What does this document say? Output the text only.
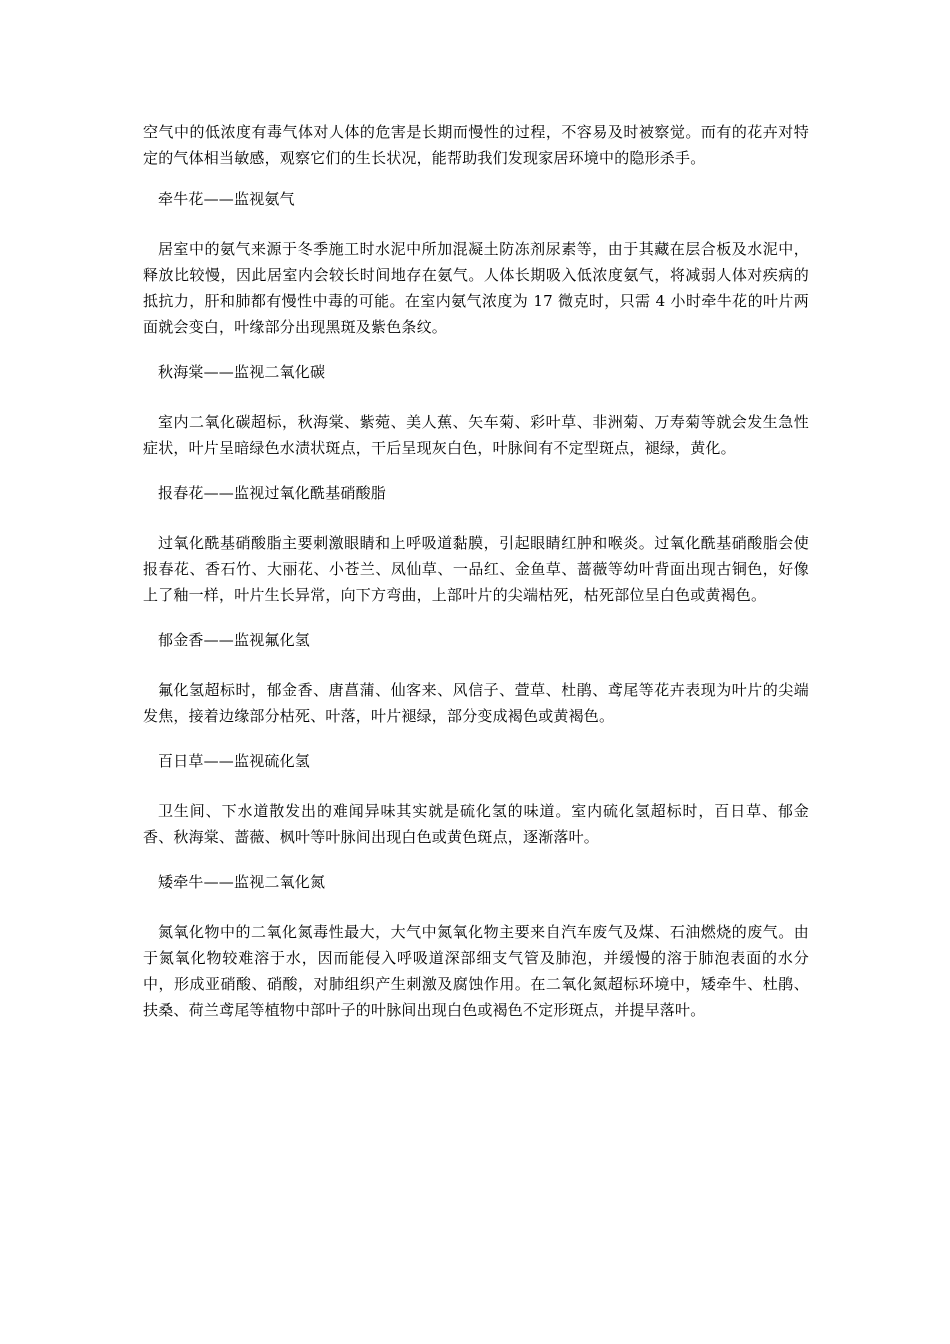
空气中的低浓度有毒气体对人体的危害是长期而慢性的过程，不容易及时被察觉。而有的花卉对特定的气体相当敏感，观察它们的生长状况，能帮助我们发现家居环境中的隐形杀手。

牵牛花——监视氨气

居室中的氨气来源于冬季施工时水泥中所加混凝土防冻剂尿素等，由于其藏在层合板及水泥中，释放比较慢，因此居室内会较长时间地存在氨气。人体长期吸入低浓度氨气，将减弱人体对疾病的抵抗力，肝和肺都有慢性中毒的可能。在室内氨气浓度为 17 微克时，只需 4 小时牵牛花的叶片两面就会变白，叶缘部分出现黑斑及紫色条纹。

秋海棠——监视二氧化碳

室内二氧化碳超标，秋海棠、紫菀、美人蕉、矢车菊、彩叶草、非洲菊、万寿菊等就会发生急性症状，叶片呈暗绿色水渍状斑点，干后呈现灰白色，叶脉间有不定型斑点，褪绿，黄化。

报春花——监视过氧化酰基硝酸脂

过氧化酰基硝酸脂主要刺激眼睛和上呼吸道黏膜，引起眼睛红肿和喉炎。过氧化酰基硝酸脂会使报春花、香石竹、大丽花、小苍兰、凤仙草、一品红、金鱼草、蔷薇等幼叶背面出现古铜色，好像上了釉一样，叶片生长异常，向下方弯曲，上部叶片的尖端枯死，枯死部位呈白色或黄褐色。

郁金香——监视氟化氢

氟化氢超标时，郁金香、唐菖蒲、仙客来、风信子、萱草、杜鹃、鸢尾等花卉表现为叶片的尖端发焦，接着边缘部分枯死、叶落，叶片褪绿，部分变成褐色或黄褐色。

百日草——监视硫化氢

卫生间、下水道散发出的难闻异味其实就是硫化氢的味道。室内硫化氢超标时，百日草、郁金香、秋海棠、蔷薇、枫叶等叶脉间出现白色或黄色斑点，逐渐落叶。

矮牵牛——监视二氧化氮

氮氧化物中的二氧化氮毒性最大，大气中氮氧化物主要来自汽车废气及煤、石油燃烧的废气。由于氮氧化物较难溶于水，因而能侵入呼吸道深部细支气管及肺泡，并缓慢的溶于肺泡表面的水分中，形成亚硝酸、硝酸，对肺组织产生刺激及腐蚀作用。在二氧化氮超标环境中，矮牵牛、杜鹃、扶桑、荷兰鸢尾等植物中部叶子的叶脉间出现白色或褐色不定形斑点，并提早落叶。
